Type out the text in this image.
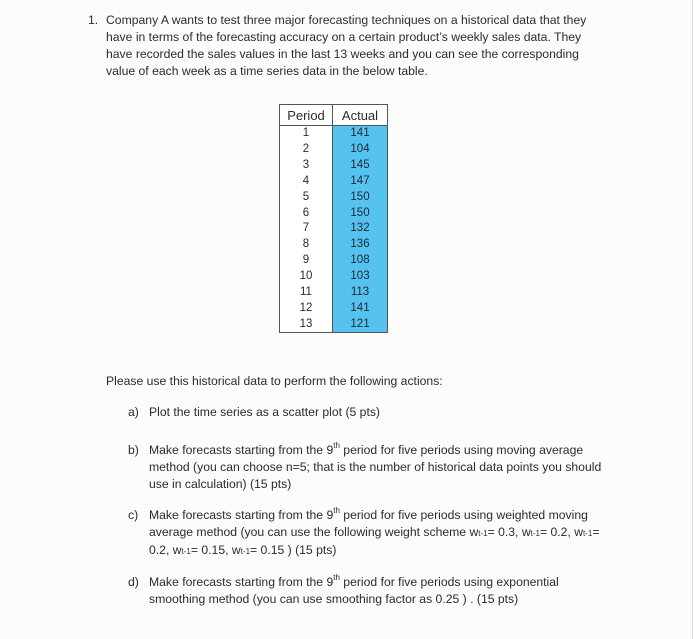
1. Company A wants to test three major forecasting techniques on a historical data that they have in terms of the forecasting accuracy on a certain product’s weekly sales data. They have recorded the sales values in the last 13 weeks and you can see the corresponding value of each week as a time series data in the below table.
Period	Actual
1	141
2	104
3	145
4	147
5	150
6	150
7	132
8	136
9	108
10	103
11	113
12	141
13	121
Please use this historical data to perform the following actions:
a) Plot the time series as a scatter plot (5 pts)
b) Make forecasts starting from the 9th period for five periods using moving average method (you can choose n=5; that is the number of historical data points you should use in calculation) (15 pts)
c) Make forecasts starting from the 9th period for five periods using weighted moving average method (you can use the following weight scheme wt-1= 0.3, wt-1= 0.2, wt-1= 0.2, wt-1= 0.15, wt-1= 0.15 ) (15 pts)
d) Make forecasts starting from the 9th period for five periods using exponential smoothing method (you can use smoothing factor as 0.25 ) . (15 pts)
